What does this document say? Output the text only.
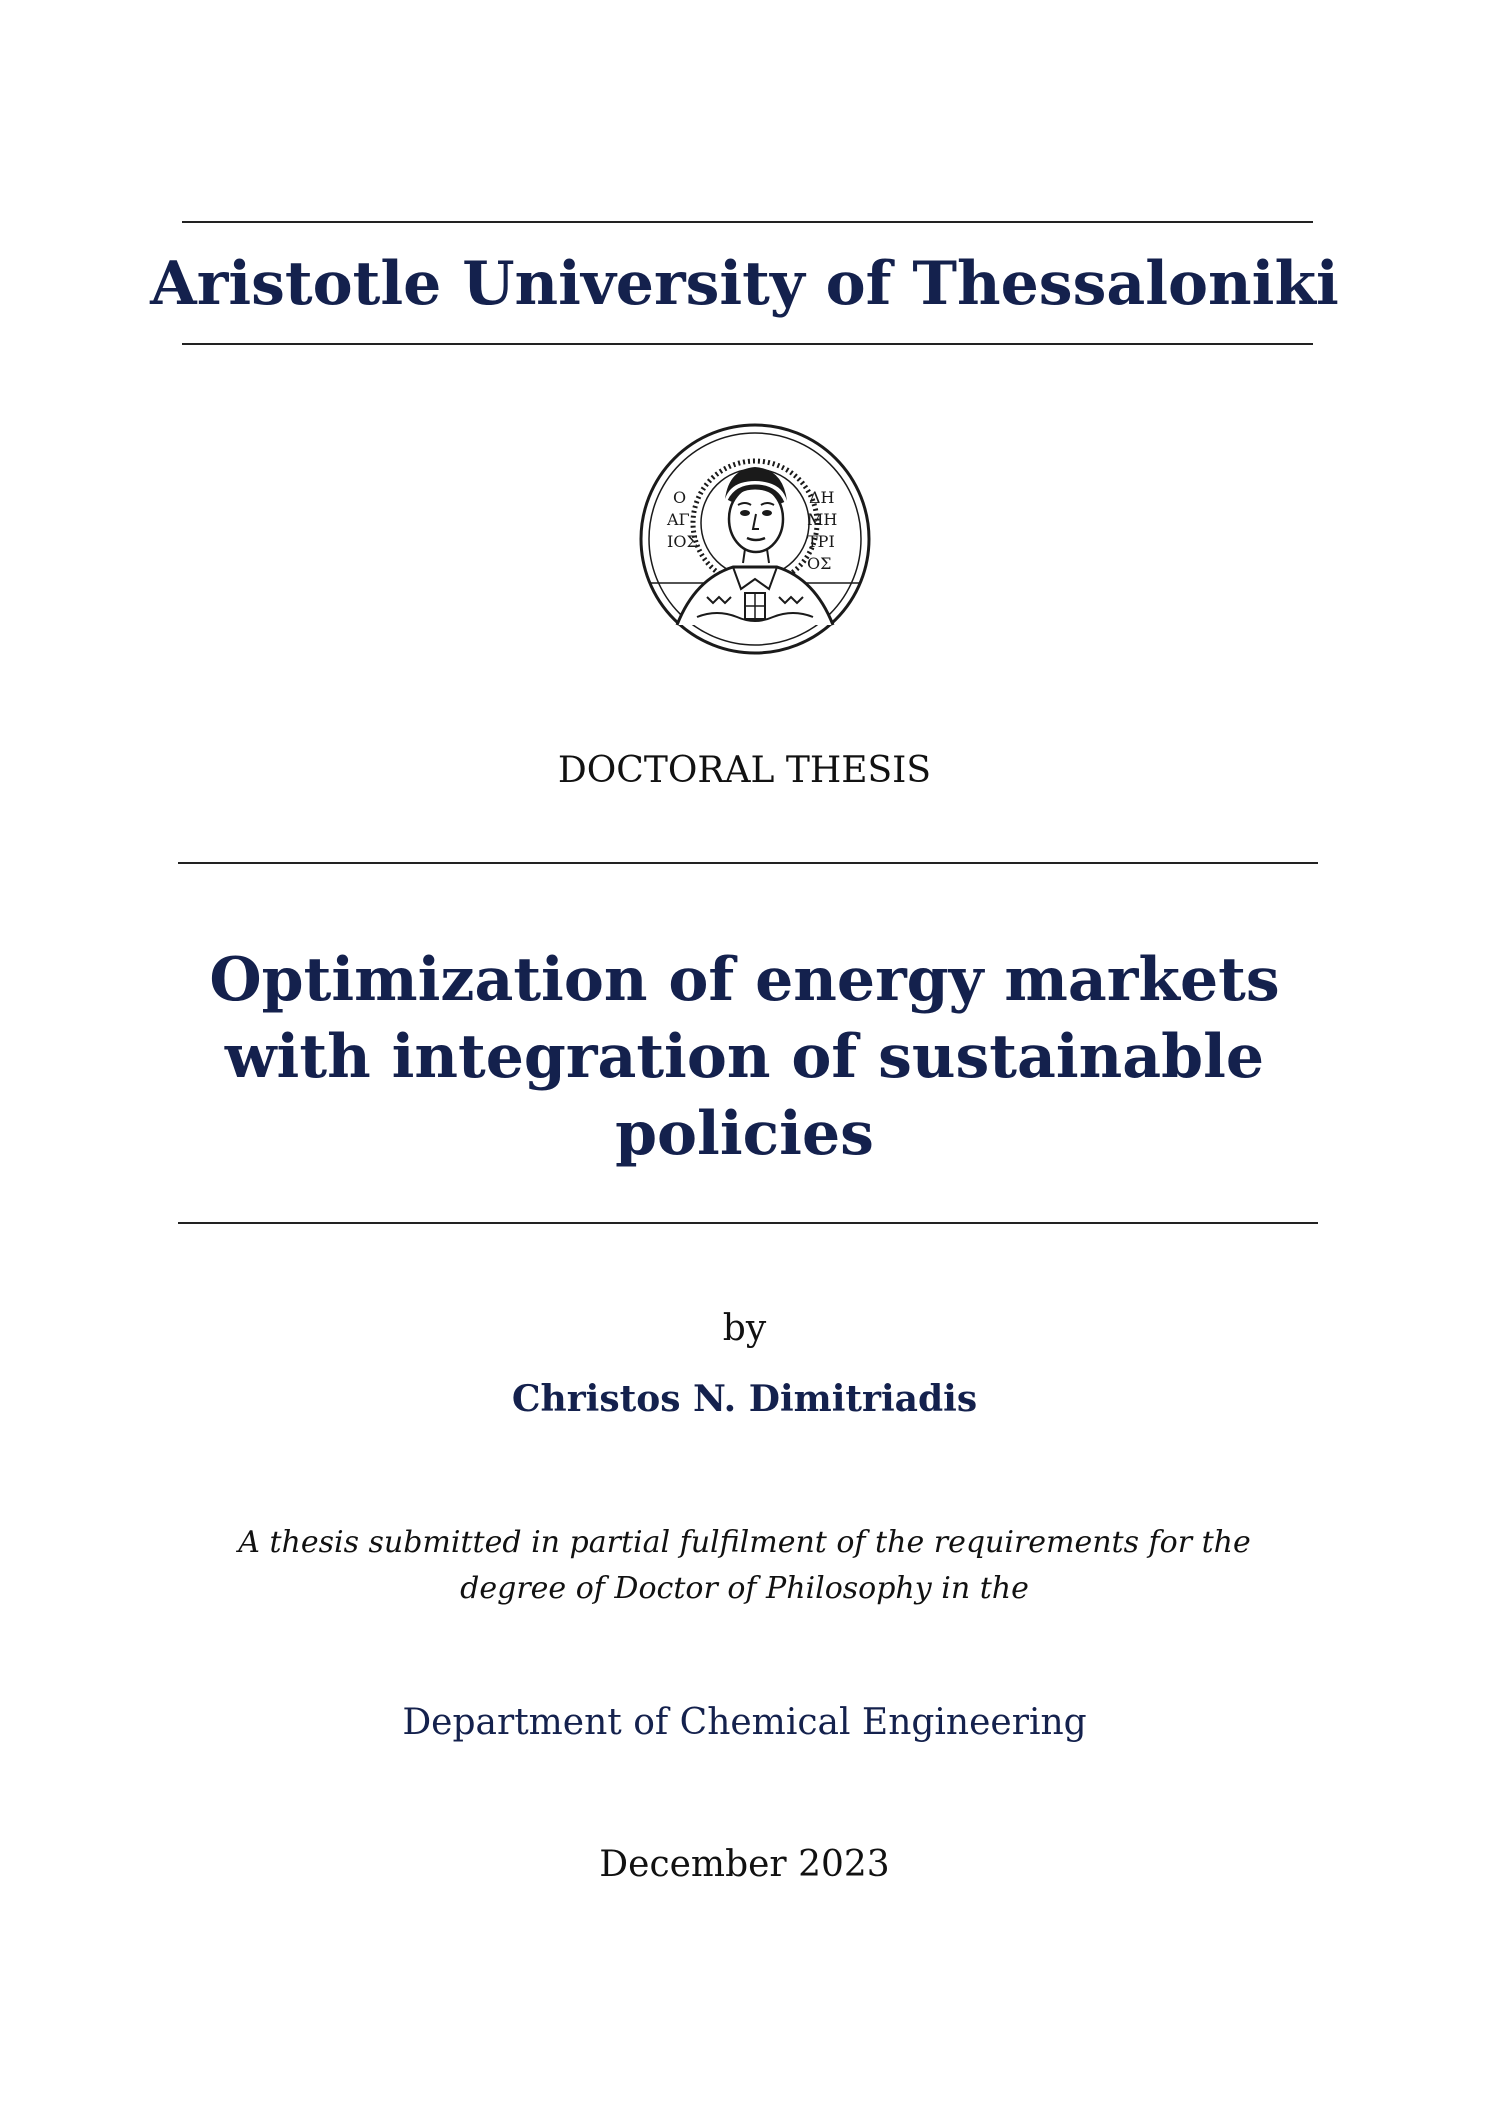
Aristotle University of Thessaloniki
Ο
ΑΓ
ΙΟΣ
ΔΗ
ΜΗ
ΤΡΙ
ΟΣ
DOCTORAL THESIS
Optimization of energy markets
with integration of sustainable
policies
by
Christos N. Dimitriadis
A thesis submitted in partial fulfilment of the requirements for the
degree of Doctor of Philosophy in the
Department of Chemical Engineering
December 2023
